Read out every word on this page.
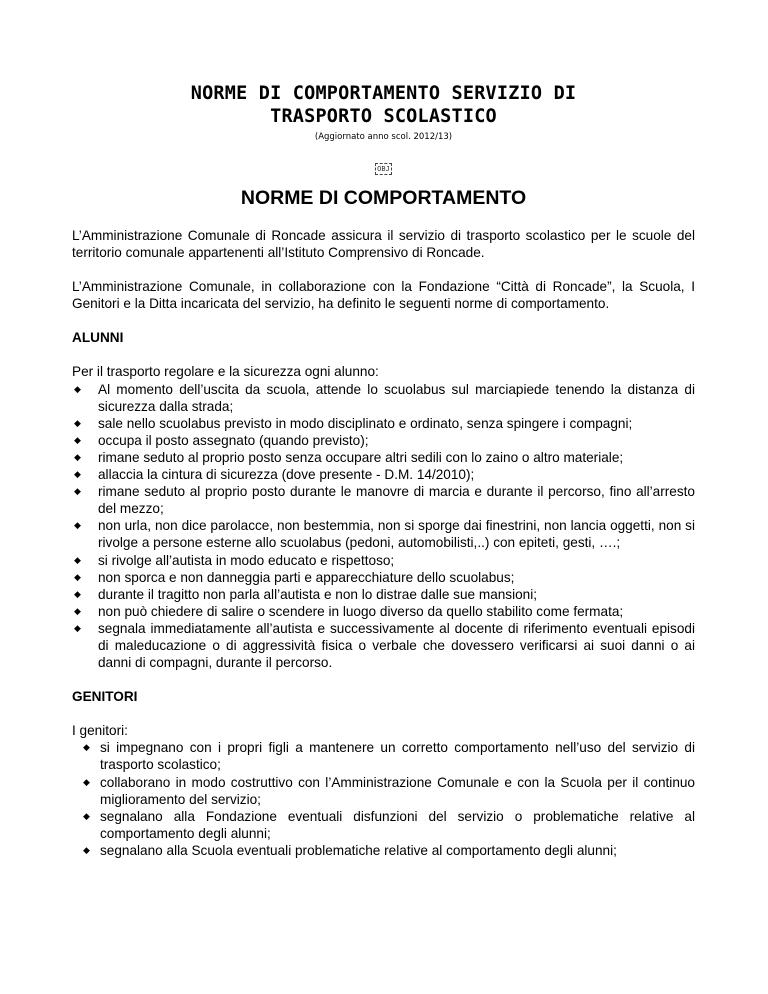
NORME DI COMPORTAMENTO SERVIZIO DI
TRASPORTO SCOLASTICO
(Aggiornato anno scol. 2012/13)
OBJ
NORME DI COMPORTAMENTO

L’Amministrazione Comunale di Roncade assicura il servizio di trasporto scolastico per le scuole del territorio comunale appartenenti all’Istituto Comprensivo di Roncade.

L’Amministrazione Comunale, in collaborazione con la Fondazione “Città di Roncade”, la Scuola, I Genitori e la Ditta incaricata del servizio, ha definito le seguenti norme di comportamento.

ALUNNI
Per il trasporto regolare e la sicurezza ogni alunno:
◆ Al momento dell’uscita da scuola, attende lo scuolabus sul marciapiede tenendo la distanza di sicurezza dalla strada;
◆ sale nello scuolabus previsto in modo disciplinato e ordinato, senza spingere i compagni;
◆ occupa il posto assegnato (quando previsto);
◆ rimane seduto al proprio posto senza occupare altri sedili con lo zaino o altro materiale;
◆ allaccia la cintura di sicurezza (dove presente - D.M. 14/2010);
◆ rimane seduto al proprio posto durante le manovre di marcia e durante il percorso, fino all’arresto del mezzo;
◆ non urla, non dice parolacce, non bestemmia, non si sporge dai finestrini, non lancia oggetti, non si rivolge a persone esterne allo scuolabus (pedoni, automobilisti,..) con epiteti, gesti, ….;
◆ si rivolge all’autista in modo educato e rispettoso;
◆ non sporca e non danneggia parti e apparecchiature dello scuolabus;
◆ durante il tragitto non parla all’autista e non lo distrae dalle sue mansioni;
◆ non può chiedere di salire o scendere in luogo diverso da quello stabilito come fermata;
◆ segnala immediatamente all’autista e successivamente al docente di riferimento eventuali episodi di maleducazione o di aggressività fisica o verbale che dovessero verificarsi ai suoi danni o ai danni di compagni, durante il percorso.
GENITORI
I genitori:
◆ si impegnano con i propri figli a mantenere un corretto comportamento nell’uso del servizio di trasporto scolastico;
◆ collaborano in modo costruttivo con l’Amministrazione Comunale e con la Scuola per il continuo miglioramento del servizio;
◆ segnalano alla Fondazione eventuali disfunzioni del servizio o problematiche relative al comportamento degli alunni;
◆ segnalano alla Scuola eventuali problematiche relative al comportamento degli alunni;
